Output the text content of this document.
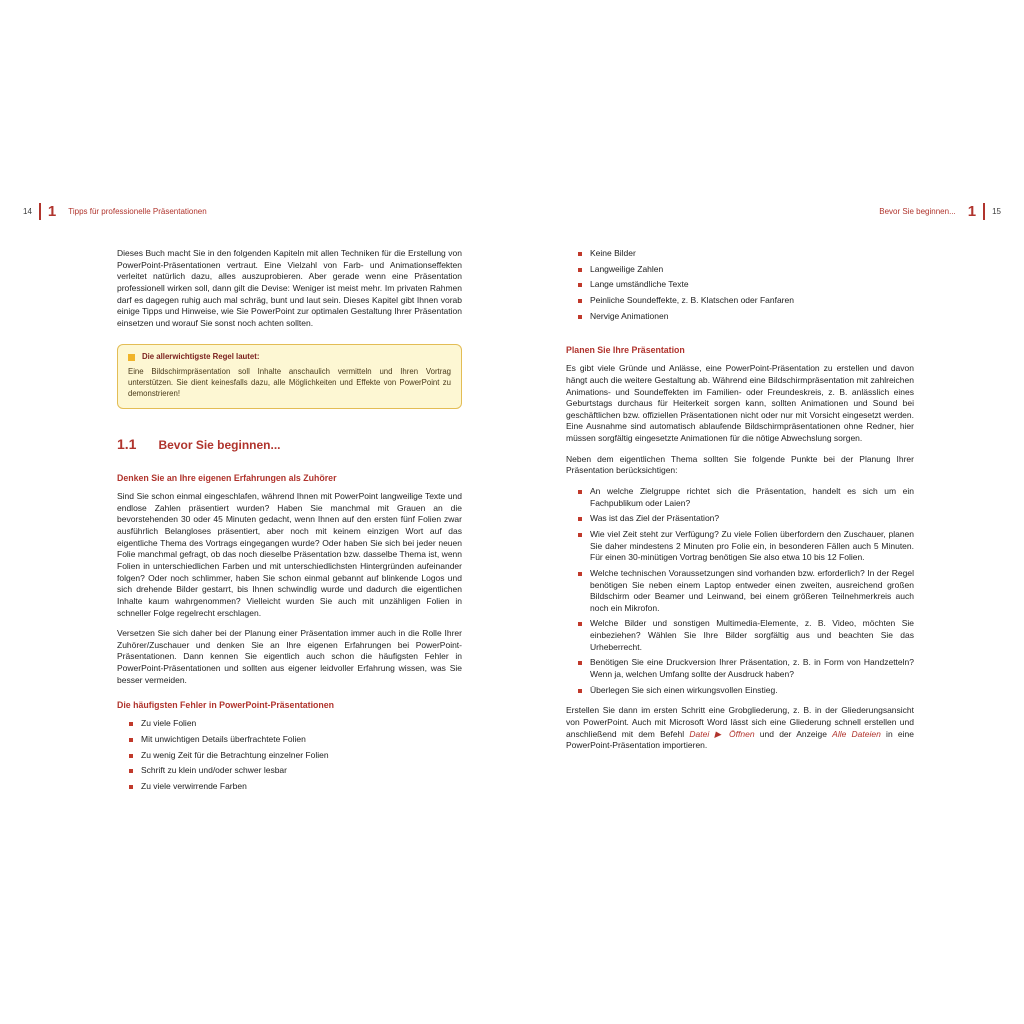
14 1 Tipps für professionelle Präsentationen	Bevor Sie beginnen... 1 15

Dieses Buch macht Sie in den folgenden Kapiteln mit allen Techniken für die Erstellung von PowerPoint-Präsentationen vertraut. Eine Vielzahl von Farb- und Animationseffekten verleitet natürlich dazu, alles auszuprobieren. Aber gerade wenn eine Präsentation professionell wirken soll, dann gilt die Devise: Weniger ist meist mehr. Im privaten Rahmen darf es dagegen ruhig auch mal schräg, bunt und laut sein. Dieses Kapitel gibt Ihnen vorab einige Tipps und Hinweise, wie Sie PowerPoint zur optimalen Gestaltung Ihrer Präsentation einsetzen und worauf Sie sonst noch achten sollten.

Die allerwichtigste Regel lautet:
Eine Bildschirmpräsentation soll Inhalte anschaulich vermitteln und Ihren Vortrag unterstützen. Sie dient keinesfalls dazu, alle Möglichkeiten und Effekte von PowerPoint zu demonstrieren!
1.1 Bevor Sie beginnen...
Denken Sie an Ihre eigenen Erfahrungen als Zuhörer

Sind Sie schon einmal eingeschlafen, während Ihnen mit PowerPoint langweilige Texte und endlose Zahlen präsentiert wurden? Haben Sie manchmal mit Grauen an die bevorstehenden 30 oder 45 Minuten gedacht, wenn Ihnen auf den ersten fünf Folien zwar ausführlich Belangloses präsentiert, aber noch mit keinem einzigen Wort auf das eigentliche Thema des Vortrags eingegangen wurde? Oder haben Sie sich bei jeder neuen Folie manchmal gefragt, ob das noch dieselbe Präsentation bzw. dasselbe Thema ist, wenn Folien in unterschiedlichen Farben und mit unterschiedlichsten Hintergründen aufeinander folgen? Oder noch schlimmer, haben Sie schon einmal gebannt auf blinkende Logos und sich drehende Bilder gestarrt, bis Ihnen schwindlig wurde und dadurch die eigentlichen Inhalte kaum wahrgenommen? Vielleicht wurden Sie auch mit unzähligen Folien in schneller Folge regelrecht erschlagen.

Versetzen Sie sich daher bei der Planung einer Präsentation immer auch in die Rolle Ihrer Zuhörer/Zuschauer und denken Sie an Ihre eigenen Erfahrungen bei PowerPoint-Präsentationen. Dann kennen Sie eigentlich auch schon die häufigsten Fehler in PowerPoint-Präsentationen und sollten aus eigener leidvoller Erfahrung wissen, was Sie besser vermeiden.

Die häufigsten Fehler in PowerPoint-Präsentationen
Zu viele Folien
Mit unwichtigen Details überfrachtete Folien
Zu wenig Zeit für die Betrachtung einzelner Folien
Schrift zu klein und/oder schwer lesbar
Zu viele verwirrende Farben
Keine Bilder
Langweilige Zahlen
Lange umständliche Texte
Peinliche Soundeffekte, z. B. Klatschen oder Fanfaren
Nervige Animationen
Planen Sie Ihre Präsentation

Es gibt viele Gründe und Anlässe, eine PowerPoint-Präsentation zu erstellen und davon hängt auch die weitere Gestaltung ab. Während eine Bildschirmpräsentation mit zahlreichen Animations- und Soundeffekten im Familien- oder Freundeskreis, z. B. anlässlich eines Geburtstags durchaus für Heiterkeit sorgen kann, sollten Animationen und Sound bei geschäftlichen bzw. offiziellen Präsentationen nicht oder nur mit Vorsicht eingesetzt werden. Eine Ausnahme sind automatisch ablaufende Bildschirmpräsentationen ohne Redner, hier müssen sorgfältig eingesetzte Animationen für die nötige Abwechslung sorgen.

Neben dem eigentlichen Thema sollten Sie folgende Punkte bei der Planung Ihrer Präsentation berücksichtigen:

An welche Zielgruppe richtet sich die Präsentation, handelt es sich um ein Fachpublikum oder Laien?
Was ist das Ziel der Präsentation?
Wie viel Zeit steht zur Verfügung? Zu viele Folien überfordern den Zuschauer, planen Sie daher mindestens 2 Minuten pro Folie ein, in besonderen Fällen auch 5 Minuten. Für einen 30-minütigen Vortrag benötigen Sie also etwa 10 bis 12 Folien.
Welche technischen Voraussetzungen sind vorhanden bzw. erforderlich? In der Regel benötigen Sie neben einem Laptop entweder einen zweiten, ausreichend großen Bildschirm oder Beamer und Leinwand, bei einem größeren Teilnehmerkreis auch noch ein Mikrofon.
Welche Bilder und sonstigen Multimedia-Elemente, z. B. Video, möchten Sie einbeziehen? Wählen Sie Ihre Bilder sorgfältig aus und beachten Sie das Urheberrecht.
Benötigen Sie eine Druckversion Ihrer Präsentation, z. B. in Form von Handzetteln? Wenn ja, welchen Umfang sollte der Ausdruck haben?
Überlegen Sie sich einen wirkungsvollen Einstieg.

Erstellen Sie dann im ersten Schritt eine Grobgliederung, z. B. in der Gliederungsansicht von PowerPoint. Auch mit Microsoft Word lässt sich eine Gliederung schnell erstellen und anschließend mit dem Befehl Datei ▶ Öffnen und der Anzeige Alle Dateien in eine PowerPoint-Präsentation importieren.
